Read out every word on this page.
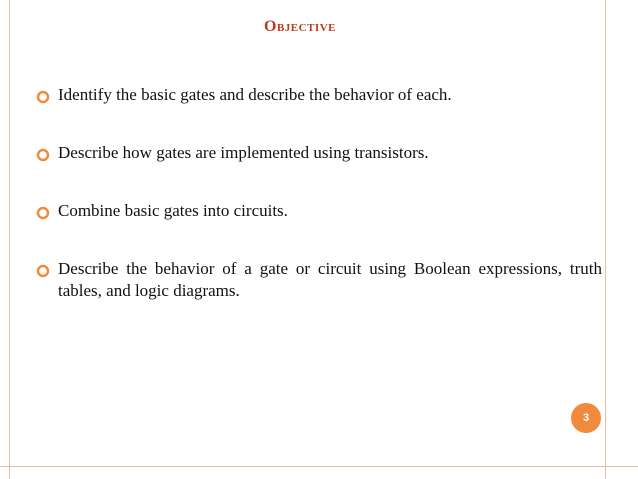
Objective
Identify the basic gates and describe the behavior of each.
Describe how gates are implemented using transistors.
Combine basic gates into circuits.
Describe the behavior of a gate or circuit using Boolean expressions, truth tables, and logic diagrams.
3
